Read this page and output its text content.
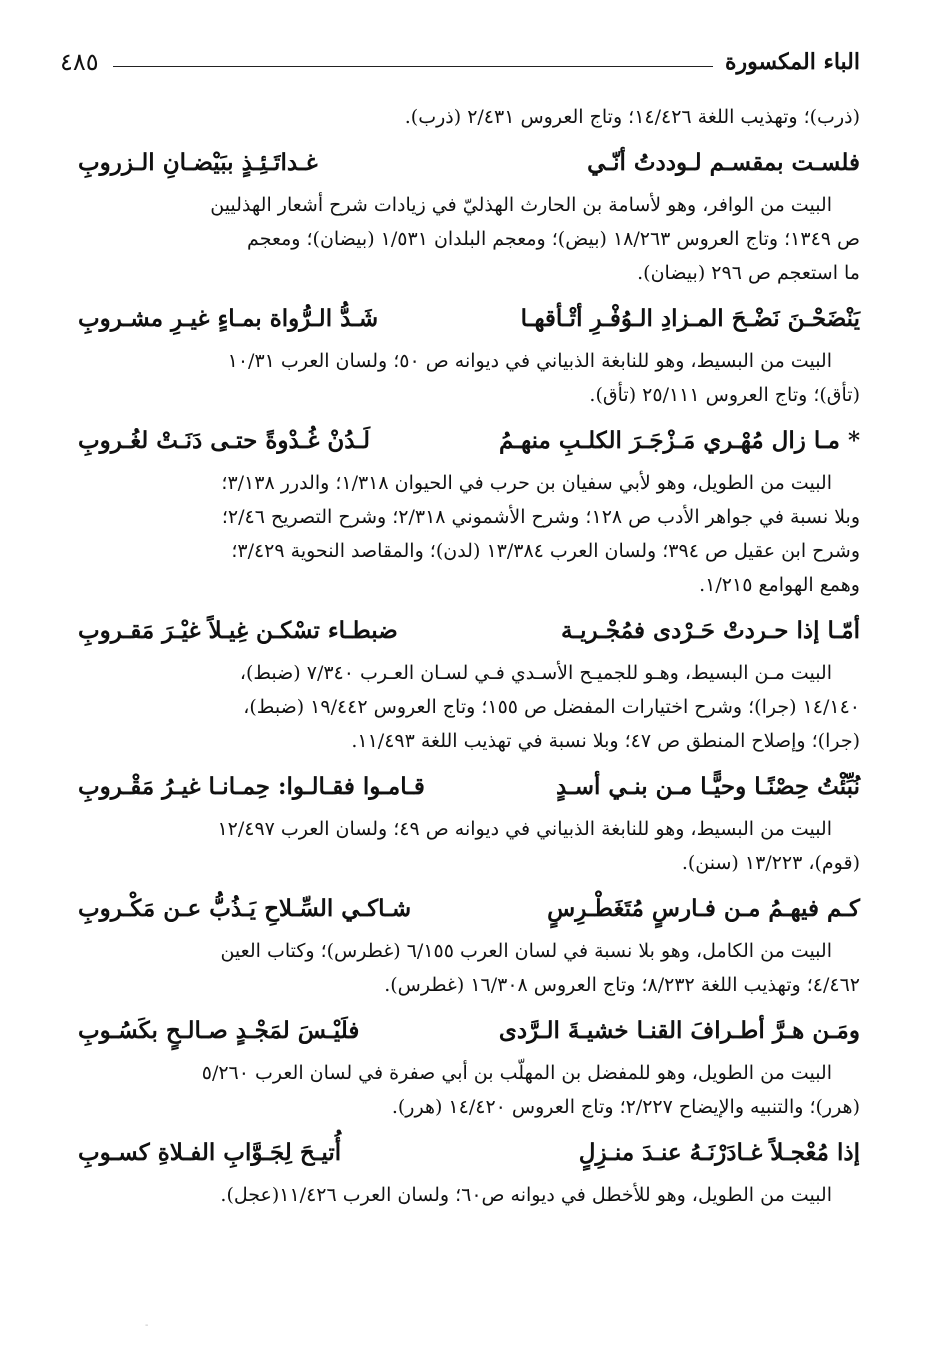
الباء المكسورة
٤٨٥

(ذرب)؛ وتهذيب اللغة ١٤/٤٢٦؛ وتاج العروس ٢/٤٣١ (ذرب).

فلسـت بمقسـم لـوددتُ أنّـي
غـداتَـئِـذٍ ببَيْضـانِ الـزروبِ

البيت من الوافر، وهو لأسامة بن الحارث الهذليّ في زيادات شرح أشعار الهذليين

ص ١٣٤٩؛ وتاج العروس ١٨/٢٦٣ (بيض)؛ ومعجم البلدان ١/٥٣١ (بيضان)؛ ومعجم

ما استعجم ص ٢٩٦ (بيضان).

يَنْضَحْـنَ نَضْـحَ المـزادِ الـوُفْـرِ أتْـأقهـا
شَـدُّ الـرُّواة بمـاءٍ غيـرِ مشـروبِ

البيت من البسيط، وهو للنابغة الذبياني في ديوانه ص ٥٠؛ ولسان العرب ١٠/٣١

(تأق)؛ وتاج العروس ٢٥/١١١ (تأق).

* مـا زال مُهْـري مَـزْجَـرَ الكلـبِ منهـمُ
لَـدُنْ غُـدْوةً حتـى دَنَـتْ لغُـروبِ

البيت من الطويل، وهو لأبي سفيان بن حرب في الحيوان ١/٣١٨؛ والدرر ٣/١٣٨؛

وبلا نسبة في جواهر الأدب ص ١٢٨؛ وشرح الأشموني ٢/٣١٨؛ وشرح التصريح ٢/٤٦؛

وشرح ابن عقيل ص ٣٩٤؛ ولسان العرب ١٣/٣٨٤ (لدن)؛ والمقاصد النحوية ٣/٤٢٩؛

وهمع الهوامع ١/٢١٥.

أمّـا إذا حـردتْ حَـرْدى فمُجْـريـة
ضبطـاء تسْكـن غِيـلاً غيْـرَ مَقـروبِ

البيت مـن البسيط، وهـو للجميـح الأسـدي فـي لسـان العـرب ٧/٣٤٠ (ضبط)،

١٤/١٤٠ (جرا)؛ وشرح اختيارات المفضل ص ١٥٥؛ وتاج العروس ١٩/٤٤٢ (ضبط)،

(جرا)؛ وإصلاح المنطق ص ٤٧؛ وبلا نسبة في تهذيب اللغة ١١/٤٩٣.

نُبِّئْتُ حِصْنًـا وحيًّـا مـن بنـي أسـدٍ
قـامـوا فقـالـوا: حِمـانـا غيـرُ مَقْـروبِ

البيت من البسيط، وهو للنابغة الذبياني في ديوانه ص ٤٩؛ ولسان العرب ١٢/٤٩٧

(قوم)، ١٣/٢٢٣ (سنن).

كـم فيهـمُ مـن فـارسٍ مُتَغَطْـرِسٍ
شـاكـي السِّـلاحِ يَـذُبُّ عـن مَكْـروبِ

البيت من الكامل، وهو بلا نسبة في لسان العرب ٦/١٥٥ (غطرس)؛ وكتاب العين

٤/٤٦٢؛ وتهذيب اللغة ٨/٢٣٢؛ وتاج العروس ١٦/٣٠٨ (غطرس).

ومَـن هـرَّ أطـرافَ القنـا خشيـةَ الـرَّدى
فلَيْـسَ لمَجْـدٍ صـالـحٍ بكَسُـوبِ

البيت من الطويل، وهو للمفضل بن المهلّب بن أبي صفرة في لسان العرب ٥/٢٦٠

(هرر)؛ والتنبيه والإيضاح ٢/٢٢٧؛ وتاج العروس ١٤/٤٢٠ (هرر).

إذا مُعْجـلاً غـادَرْنَـهُ عنـدَ منـزِلٍ
أُتيـحَ لِجَـوَّابِ الفـلاةِ كسـوبِ

البيت من الطويل، وهو للأخطل في ديوانه ص٦٠؛ ولسان العرب ١١/٤٢٦(عجل).

-
